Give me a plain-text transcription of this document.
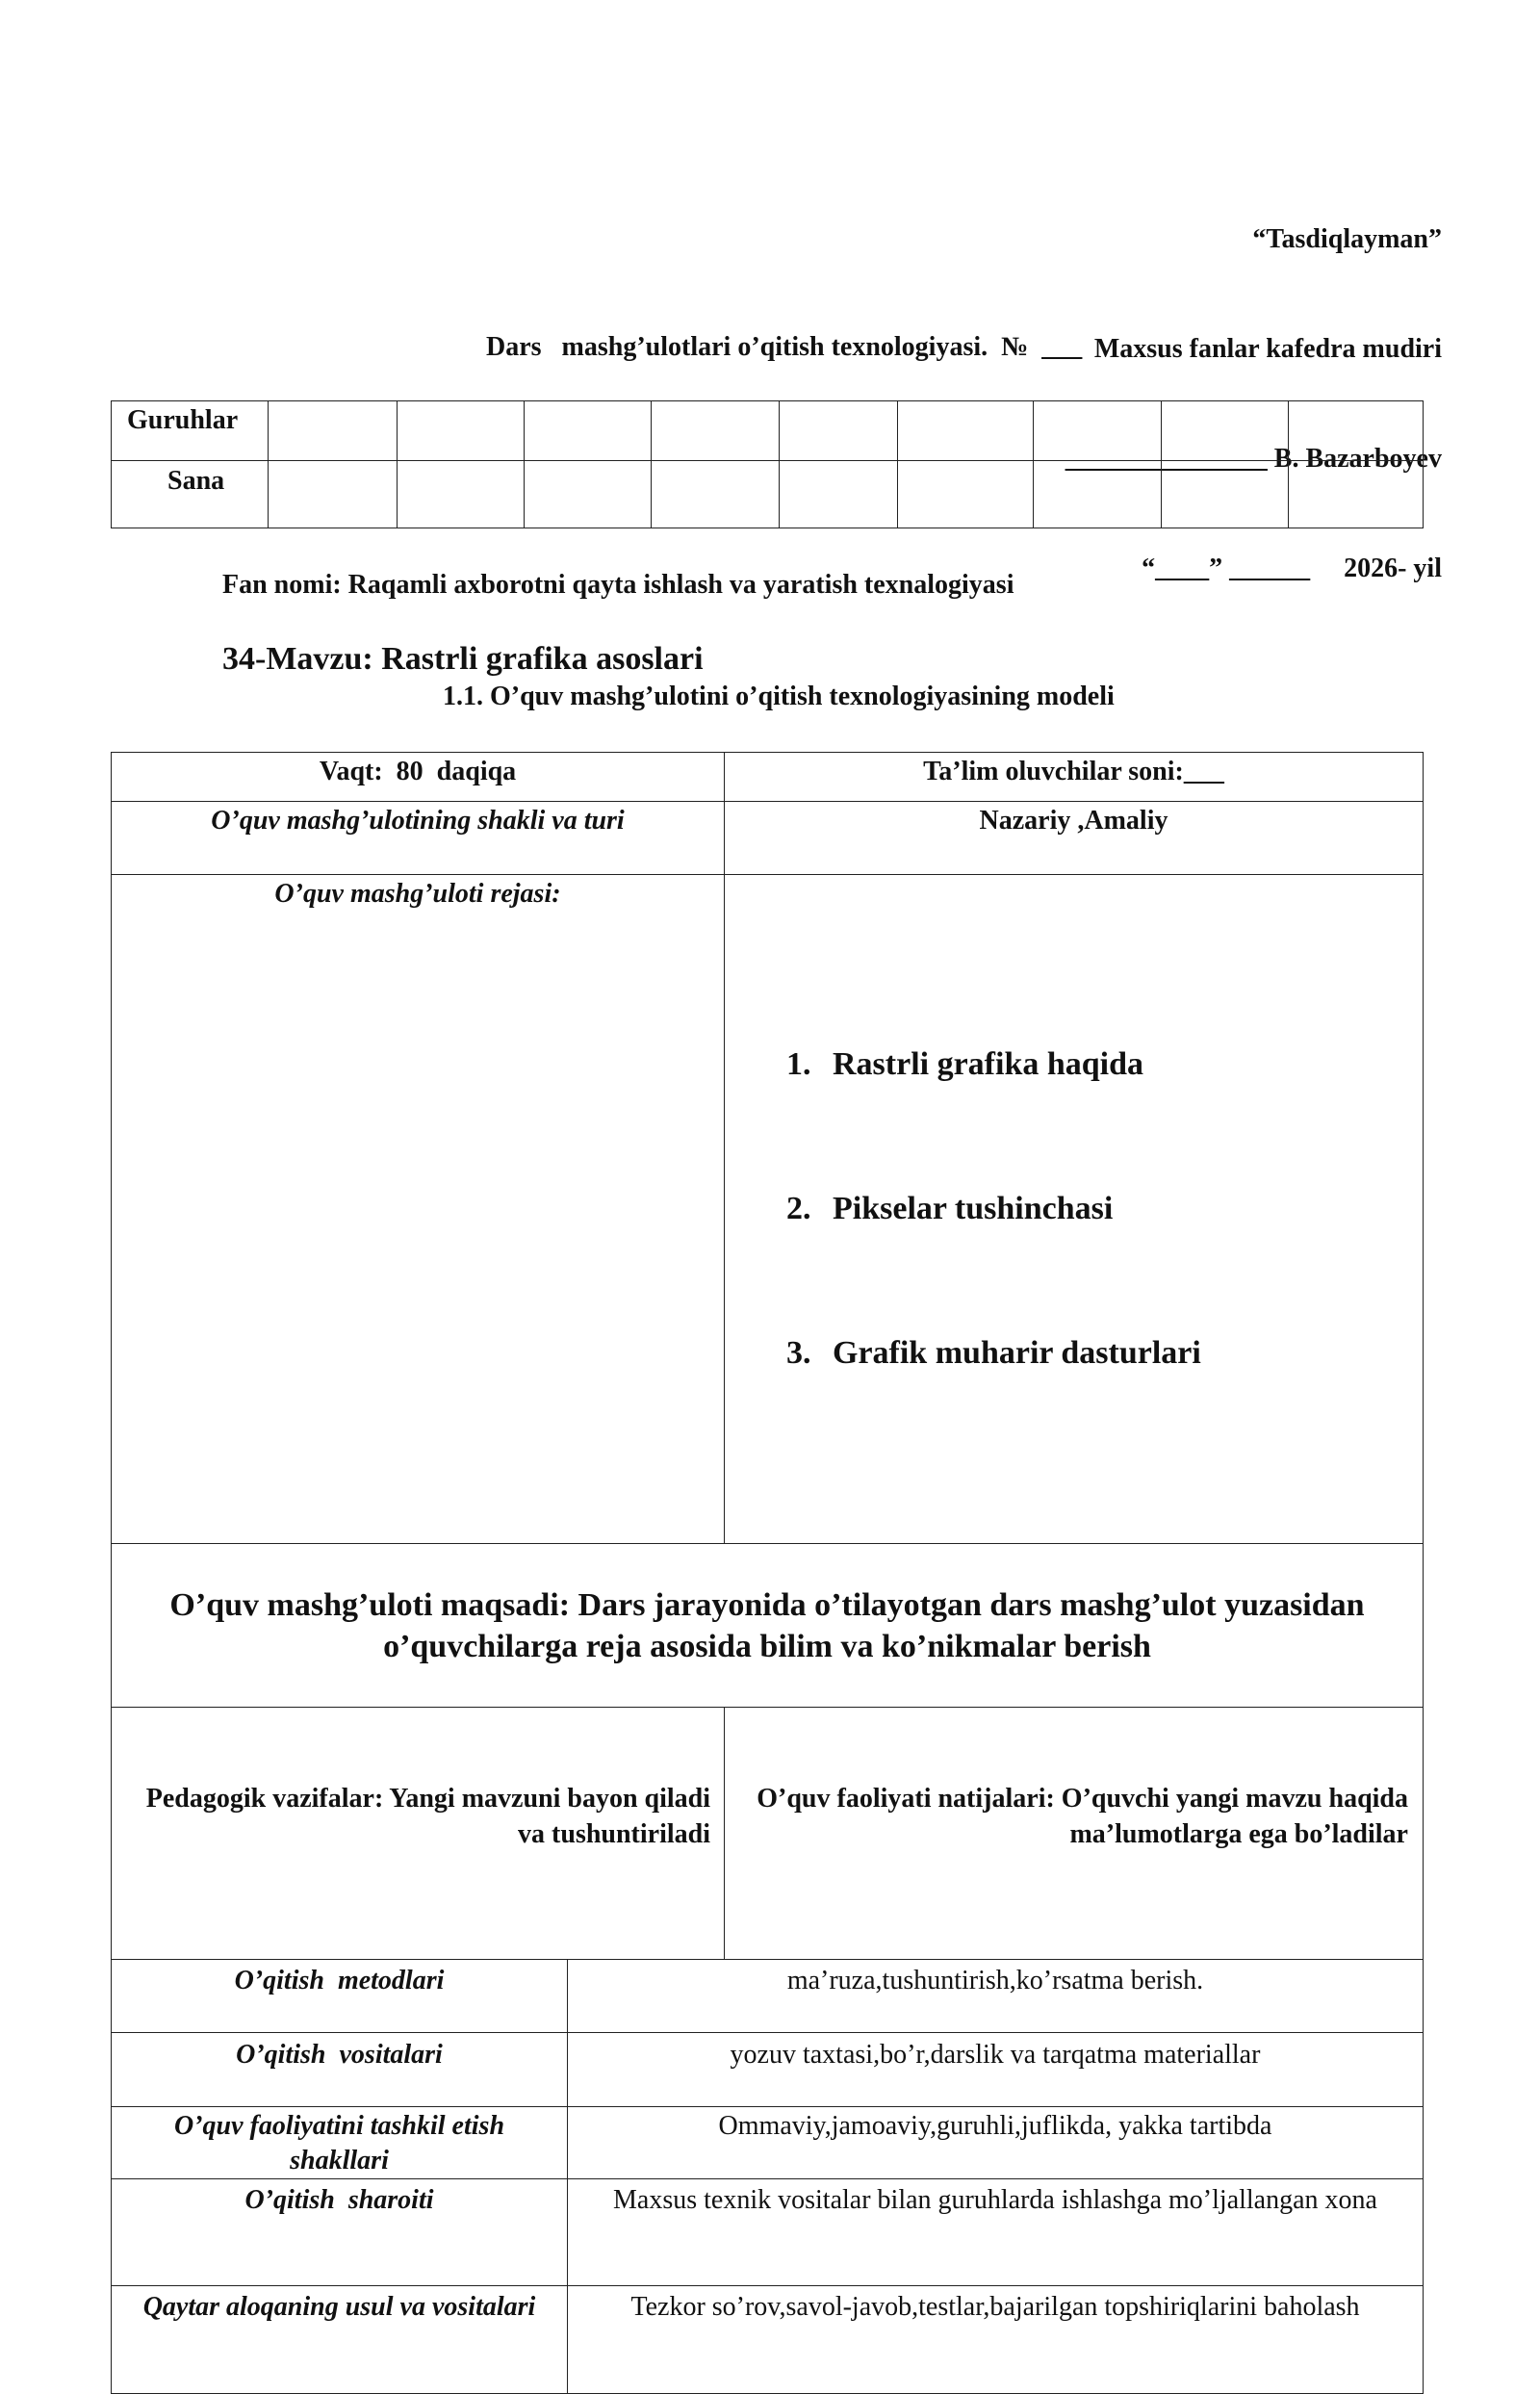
“Tasdiqlayman”

Maxsus fanlar kafedra mudiri

_______________ B. Bazarboyev

“____” ______     2026- yil

Dars   mashg’ulotlari o’qitish texnologiyasi.  №  ___
Guruhlar									
Sana									
Fan nomi: Raqamli axborotni qayta ishlash va yaratish texnalogiyasi
34-Mavzu: Rastrli grafika asoslari
1.1. O’quv mashg’ulotini o’qitish texnologiyasining modeli
Vaqt:  80  daqiqa		Ta’lim oluvchilar soni:___
O’quv mashg’ulotining shakli va turi		Nazariy ,Amaliy
O’quv mashg’uloti rejasi:		1. Rastrli grafika haqida

2. Pikselar tushinchasi

3. Grafik muharir dasturlari

O’quv mashg’uloti maqsadi: Dars jarayonida o’tilayotgan dars mashg’ulot yuzasidan o’quvchilarga reja asosida bilim va ko’nikmalar berish		
Pedagogik vazifalar: Yangi mavzuni bayon qiladi va tushuntiriladi		O’quv faoliyati natijalari: O’quvchi yangi mavzu haqida ma’lumotlarga ega bo’ladilar
O’qitish  metodlari	ma’ruza,tushuntirish,ko’rsatma berish.	
O’qitish  vositalari	yozuv taxtasi,bo’r,darslik va tarqatma materiallar	
O’quv faoliyatini tashkil etish shakllari	Ommaviy,jamoaviy,guruhli,juflikda, yakka tartibda	
O’qitish  sharoiti	Maxsus texnik vositalar bilan guruhlarda ishlashga mo’ljallangan xona	
Qaytar aloqaning usul va vositalari	Tezkor so’rov,savol-javob,testlar,bajarilgan topshiriqlarini baholash	
